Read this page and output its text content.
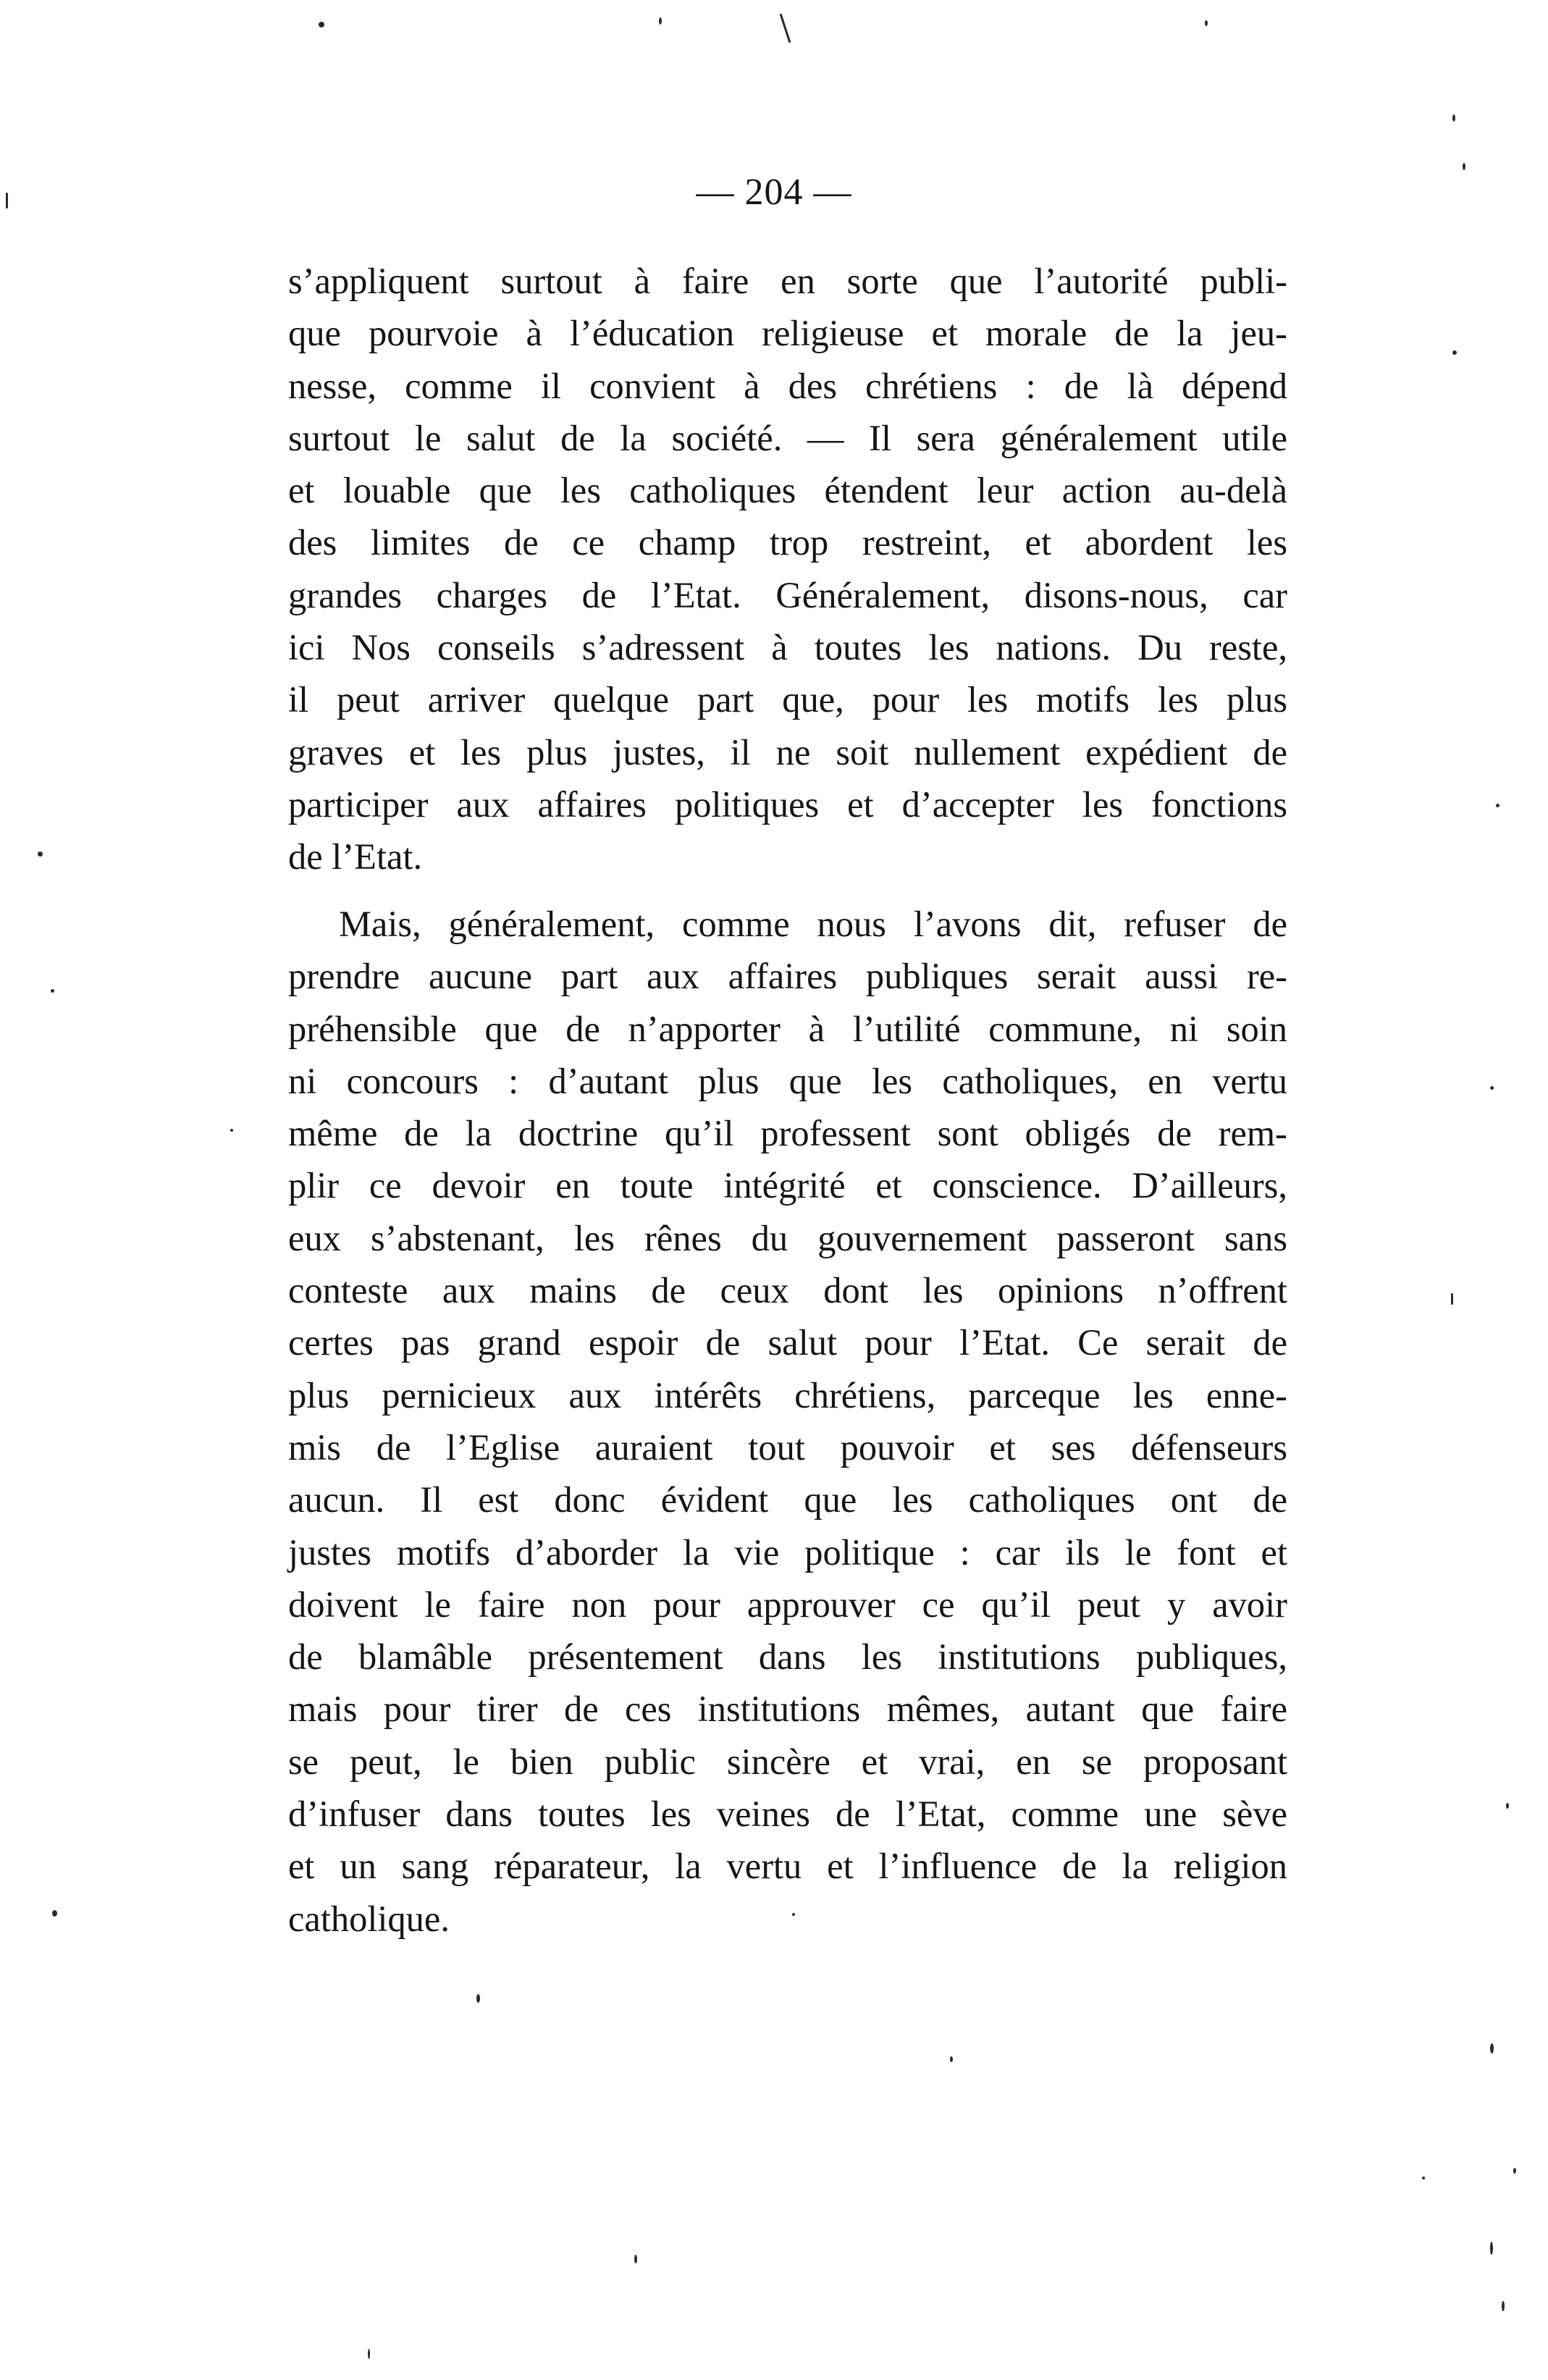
— 204 —
s’appliquent surtout à faire en sorte que l’autorité publi-
que pourvoie à l’éducation religieuse et morale de la jeu-
nesse, comme il convient à des chrétiens : de là dépend
surtout le salut de la société. — Il sera généralement utile
et louable que les catholiques étendent leur action au-delà
des limites de ce champ trop restreint, et abordent les
grandes charges de l’Etat. Généralement, disons-nous, car
ici Nos conseils s’adressent à toutes les nations. Du reste,
il peut arriver quelque part que, pour les motifs les plus
graves et les plus justes, il ne soit nullement expédient de
participer aux affaires politiques et d’accepter les fonctions
de l’Etat.
Mais, généralement, comme nous l’avons dit, refuser de
prendre aucune part aux affaires publiques serait aussi re-
préhensible que de n’apporter à l’utilité commune, ni soin
ni concours : d’autant plus que les catholiques, en vertu
même de la doctrine qu’il professent sont obligés de rem-
plir ce devoir en toute intégrité et conscience. D’ailleurs,
eux s’abstenant, les rênes du gouvernement passeront sans
conteste aux mains de ceux dont les opinions n’offrent
certes pas grand espoir de salut pour l’Etat. Ce serait de
plus pernicieux aux intérêts chrétiens, parceque les enne-
mis de l’Eglise auraient tout pouvoir et ses défenseurs
aucun. Il est donc évident que les catholiques ont de
justes motifs d’aborder la vie politique : car ils le font et
doivent le faire non pour approuver ce qu’il peut y avoir
de blamâble présentement dans les institutions publiques,
mais pour tirer de ces institutions mêmes, autant que faire
se peut, le bien public sincère et vrai, en se proposant
d’infuser dans toutes les veines de l’Etat, comme une sève
et un sang réparateur, la vertu et l’influence de la religion
catholique.
